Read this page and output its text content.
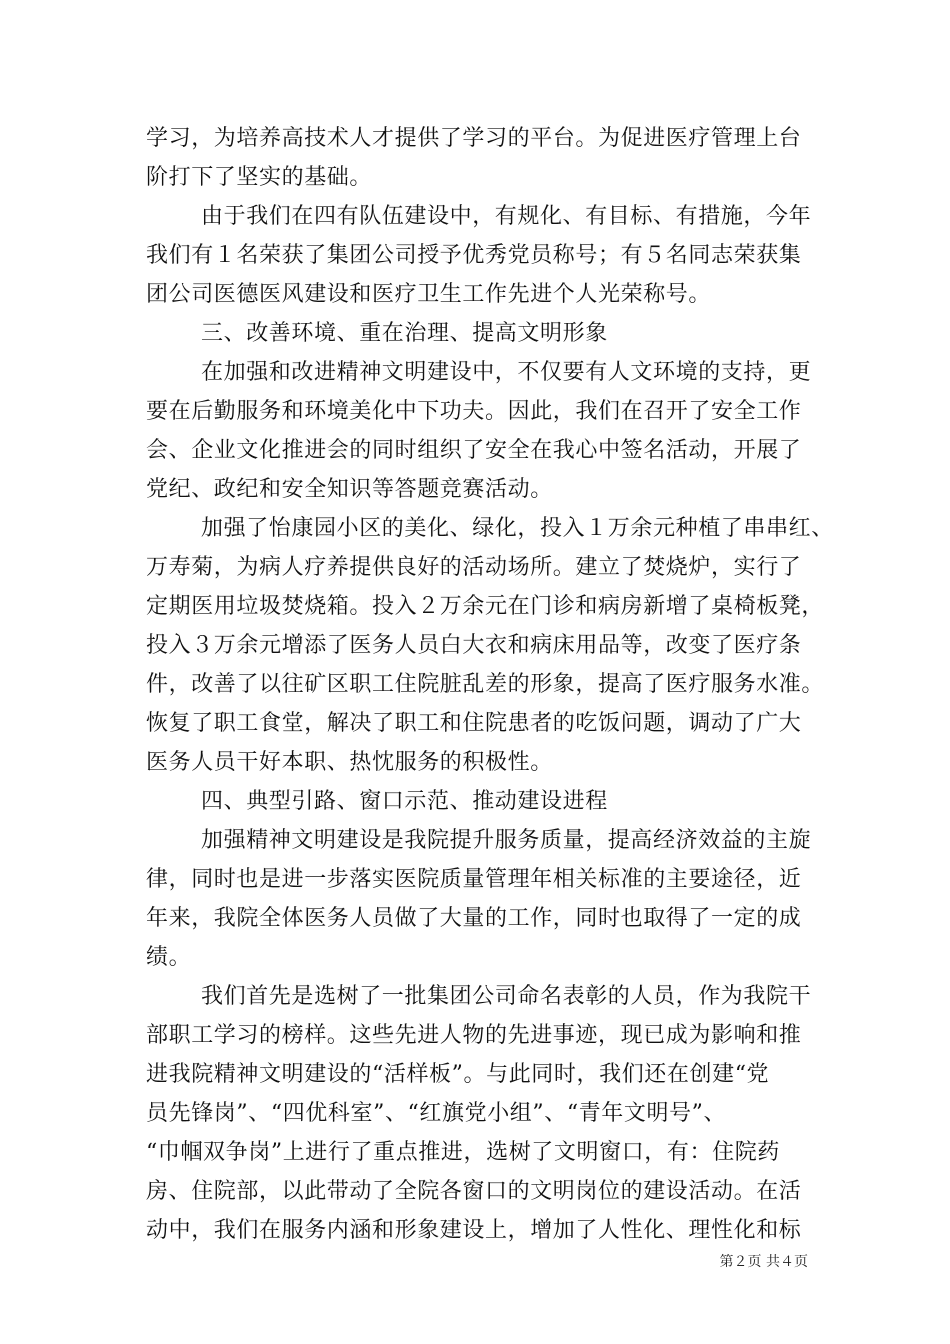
学习，为培养高技术人才提供了学习的平台。为促进医疗管理上台
阶打下了坚实的基础。
由于我们在四有队伍建设中，有规化、有目标、有措施，今年
我们有１名荣获了集团公司授予优秀党员称号；有５名同志荣获集
团公司医德医风建设和医疗卫生工作先进个人光荣称号。
三、改善环境、重在治理、提高文明形象
在加强和改进精神文明建设中，不仅要有人文环境的支持，更
要在后勤服务和环境美化中下功夫。因此，我们在召开了安全工作
会、企业文化推进会的同时组织了安全在我心中签名活动，开展了
党纪、政纪和安全知识等答题竞赛活动。
加强了怡康园小区的美化、绿化，投入１万余元种植了串串红、
万寿菊，为病人疗养提供良好的活动场所。建立了焚烧炉，实行了
定期医用垃圾焚烧箱。投入２万余元在门诊和病房新增了桌椅板凳，
投入３万余元增添了医务人员白大衣和病床用品等，改变了医疗条
件，改善了以往矿区职工住院脏乱差的形象，提高了医疗服务水准。
恢复了职工食堂，解决了职工和住院患者的吃饭问题，调动了广大
医务人员干好本职、热忱服务的积极性。
四、典型引路、窗口示范、推动建设进程
加强精神文明建设是我院提升服务质量，提高经济效益的主旋
律，同时也是进一步落实医院质量管理年相关标准的主要途径，近
年来，我院全体医务人员做了大量的工作，同时也取得了一定的成
绩。
我们首先是选树了一批集团公司命名表彰的人员，作为我院干
部职工学习的榜样。这些先进人物的先进事迹，现已成为影响和推
进我院精神文明建设的“活样板”。与此同时，我们还在创建“党
员先锋岗”、“四优科室”、“红旗党小组”、“青年文明号”、
“巾帼双争岗”上进行了重点推进，选树了文明窗口，有：住院药
房、住院部，以此带动了全院各窗口的文明岗位的建设活动。在活
动中，我们在服务内涵和形象建设上，增加了人性化、理性化和标
第２页 共４页
